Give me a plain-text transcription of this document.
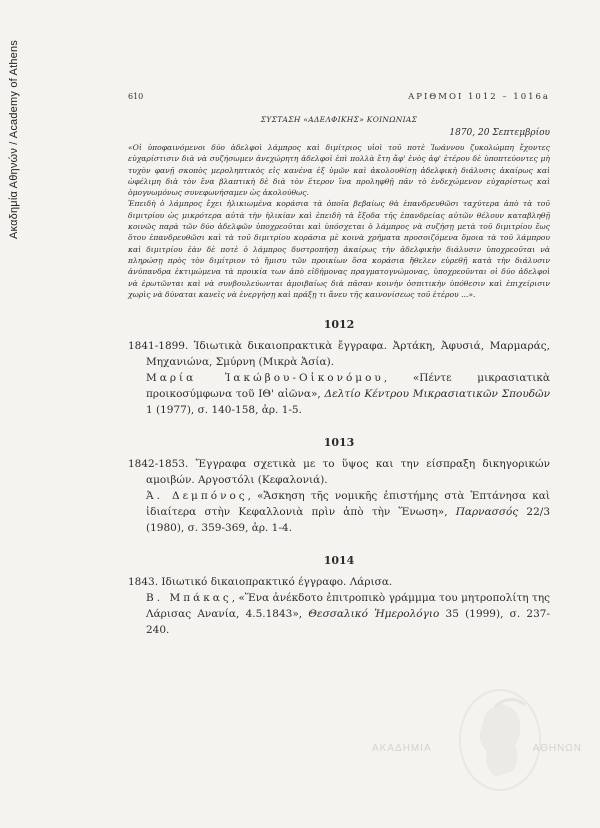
Ακαδημία Αθηνών / Academy of Athens	610	ΑΡΙΘΜΟΙ 1012 – 1016a
ΣΥΣΤΑΣΗ «ΑΔΕΛΦΙΚΗΣ» ΚΟΙΝΩΝΙΑΣ
1870, 20 Σεπτεμβρίου

«Οἱ ὑποφαινόμενοι δύο ἀδελφοὶ λάμπρος καὶ διμίτριος υἱοὶ τοῦ ποτὲ Ἰωάννου ζυκολώμπη ἔχοντες εὐχαρίστισιν διὰ νὰ συζήσωμεν ἀνεχώρητη ἀδελφοὶ ἐπὶ πολλὰ ἔτη ἄφ' ἑνὸς ἀφ' ἑτέρου δὲ ὑποπτεύοντες μὴ τυχὸν φανῇ σκοπὸς μεροληπτικὸς εἰς κανένα ἐξ ὑμῶν καὶ ἀκολουθίσῃ ἀδελφικὴ διάλυσις ἀκαίρως καὶ ὠφέλιμη διὰ τὸν ἕνα βλαπτικὴ δὲ διὰ τὸν ἕτερον ἵνα προληφθῇ πᾶν τὸ ἐνδεχώμενον εὐχαρίστως καὶ ὁμογνωμόνως συνεφωνήσαμεν ὡς ἀκολούθως.

Ἐπειδὴ ὁ λάμπρος ἔχει ἡλικιωμένα κοράσια τὰ ὁποῖα βεβαίως θὰ ἐπανδρευθῶσι ταχύτερα ἀπὸ τὰ τοῦ διμιτρίου ὡς μικρότερα αὐτὰ τὴν ἡλικίαν καὶ ἐπειδὴ τὰ ἔξοδα τῆς ἐπανδρείας αὐτῶν θέλουν καταβληθῇ κοινῶς παρὰ τῶν δύο ἀδελφῶν ὑποχρεοῦται καὶ ὑπόσχεται ὁ λάμπρος νὰ συζήσῃ μετὰ τοῦ διμιτρίου ἕως ὅτου ἐπανδρευθῶσι καὶ τὰ τοῦ διμιτρίου κοράσια μὲ κοινὰ χρήματα προσοιζόμενα ὅμοια τὰ τοῦ λάμπρου καὶ διμιτρίου ἐὰν δὲ ποτὲ ὁ λάμπρος δυστροπήσῃ ἀκαίρως τὴν ἀδελφικὴν διάλυσιν ὑποχρεοῦται νὰ πληρώσῃ πρὸς τὸν διμίτριον τὸ ἥμισυ τῶν προικίων ὅσα κοράσια ἤθελεν εὑρεθῇ κατὰ τὴν διάλυσιν ἀνύπανδρα ἐκτιμώμενα τὰ προικία των ἀπὸ εἰδήμονας πραγματογνώμονας, ὑποχρεοῦνται οἱ δύο ἀδελφοὶ νὰ ἐρωτῶνται καὶ νὰ συνβουλεύωνται ἀμοιβαίως διὰ πᾶσαν κοινὴν ὁσπιτικὴν ὑπόθεσιν καὶ ἐπιχείρισιν χωρὶς νὰ δύναται κανεὶς νὰ ἐνεργήσῃ καὶ πράξῃ τι ἄνευ τῆς καινονίσεως τοῦ ἑτέρου ...».

1012
1841-1899. Ἰδιωτικὰ δικαιοπρακτικὰ ἔγγραφα. Ἀρτάκη, Ἀφυσιά, Μαρμαράς, Μηχανιώνα, Σμύρνη (Μικρὰ Ἀσία).
Μαρία Ἰακώβου-Οἰκονόμου, «Πέντε μικρασιατικὰ προικοσύμφωνα τοῦ ΙΘ' αἰῶνα», Δελτίο Κέντρου Μικρασιατικῶν Σπουδῶν 1 (1977), σ. 140-158, ἀρ. 1-5.
1013
1842-1853. Ἔγγραφα σχετικὰ με το ὕψος και την είσπραξη δικηγορικών αμοιβών. Αργοστόλι (Κεφαλονιά).
Ἀ. Δεμπόνος, «Ἄσκηση τῆς νομικῆς ἐπιστήμης στὰ Ἑπτάνησα καὶ ἰδιαίτερα στὴν Κεφαλλονιὰ πρὶν ἀπὸ τὴν Ἕνωση», Παρνασσός 22/3 (1980), σ. 359-369, ἀρ. 1-4.
1014
1843. Ιδιωτικό δικαιοπρακτικό έγγραφο. Λάρισα.
Β. Μπάκας, «Ἕνα ἀνέκδοτο ἐπιτροπικὸ γράμμμα του μητροπολίτη της Λάρισας Ανανία, 4.5.1843», Θεσσαλικό Ἡμερολόγιο 35 (1999), σ. 237-240.
ΑΚΑΔΗΜΙΑ	ΑΘΗΝΩΝ
